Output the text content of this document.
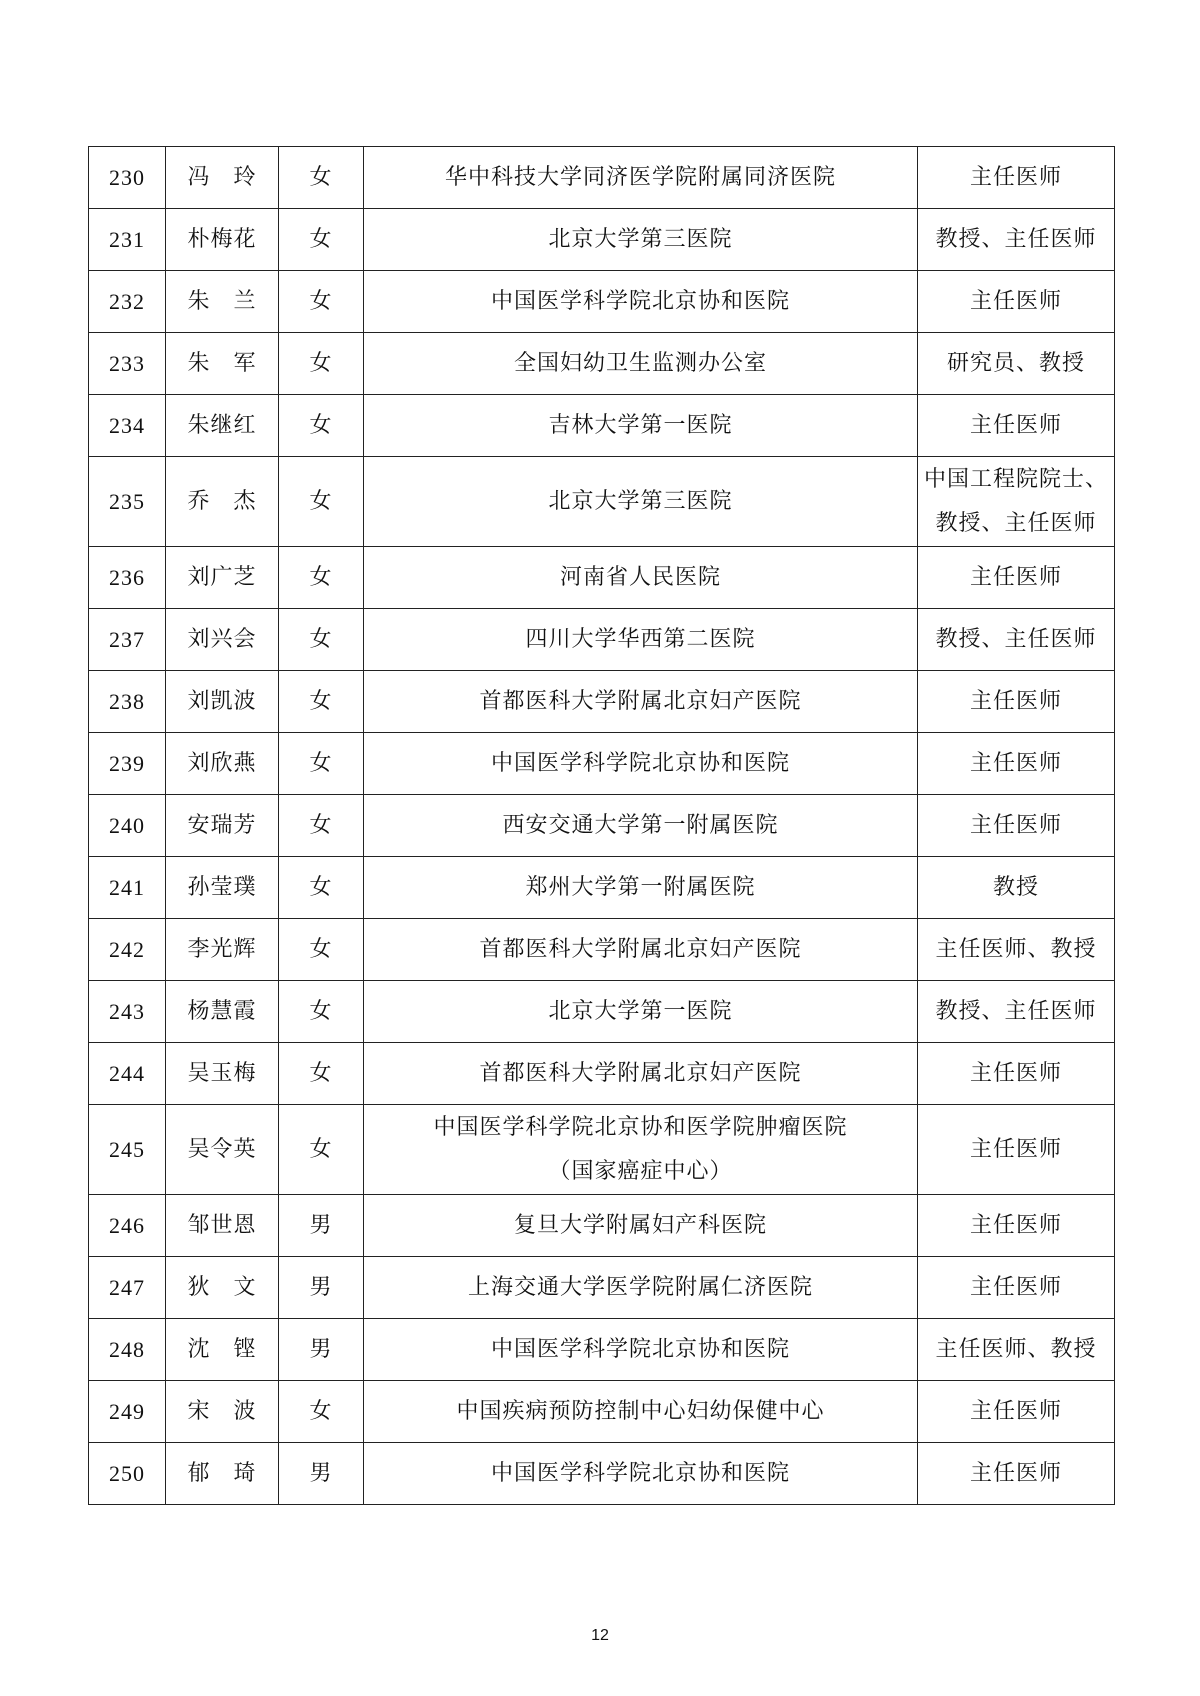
230	冯　玲	女	华中科技大学同济医学院附属同济医院	主任医师

231	朴梅花	女	北京大学第三医院	教授、主任医师

232	朱　兰	女	中国医学科学院北京协和医院	主任医师

233	朱　军	女	全国妇幼卫生监测办公室	研究员、教授

234	朱继红	女	吉林大学第一医院	主任医师

235	乔　杰	女	北京大学第三医院	中国工程院院士、
教授、主任医师

236	刘广芝	女	河南省人民医院	主任医师

237	刘兴会	女	四川大学华西第二医院	教授、主任医师

238	刘凯波	女	首都医科大学附属北京妇产医院	主任医师

239	刘欣燕	女	中国医学科学院北京协和医院	主任医师

240	安瑞芳	女	西安交通大学第一附属医院	主任医师

241	孙莹璞	女	郑州大学第一附属医院	教授

242	李光辉	女	首都医科大学附属北京妇产医院	主任医师、教授

243	杨慧霞	女	北京大学第一医院	教授、主任医师

244	吴玉梅	女	首都医科大学附属北京妇产医院	主任医师

245	吴令英	女	中国医学科学院北京协和医学院肿瘤医院
（国家癌症中心）	主任医师

246	邹世恩	男	复旦大学附属妇产科医院	主任医师

247	狄　文	男	上海交通大学医学院附属仁济医院	主任医师

248	沈　铿	男	中国医学科学院北京协和医院	主任医师、教授

249	宋　波	女	中国疾病预防控制中心妇幼保健中心	主任医师

250	郁　琦	男	中国医学科学院北京协和医院	主任医师
12
